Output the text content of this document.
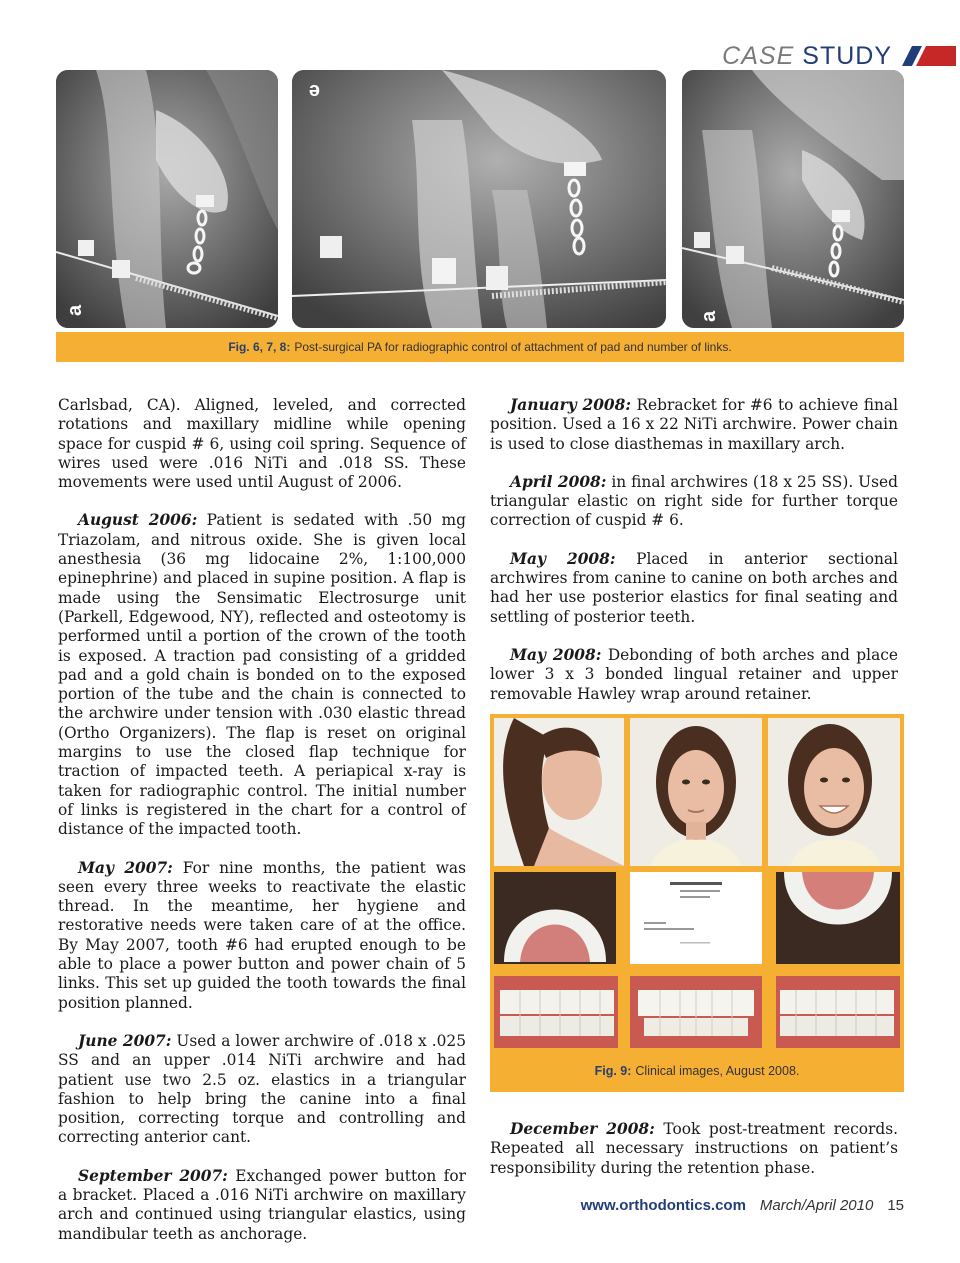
CASE STUDY
a
e
a
Fig. 6, 7, 8: Post-surgical PA for radiographic control of attachment of pad and number of links.

Carlsbad, CA). Aligned, leveled, and corrected rotations and maxillary midline while opening space for cuspid # 6, using coil spring. Sequence of wires used were .016 NiTi and .018 SS. These movements were used until August of 2006.

August 2006: Patient is sedated with .50 mg Triazolam, and nitrous oxide. She is given local anesthesia (36 mg lidocaine 2%, 1:100,000 epinephrine) and placed in supine position. A flap is made using the Sensimatic Electrosurge unit (Parkell, Edgewood, NY), reflected and osteotomy is performed until a portion of the crown of the tooth is exposed. A traction pad consisting of a gridded pad and a gold chain is bonded on to the exposed portion of the tube and the chain is connected to the archwire under tension with .030 elastic thread (Ortho Organizers). The flap is reset on original margins to use the closed flap technique for traction of impacted teeth. A periapical x-ray is taken for radiographic control. The initial number of links is registered in the chart for a control of distance of the impacted tooth.

May 2007: For nine months, the patient was seen every three weeks to reactivate the elastic thread. In the meantime, her hygiene and restorative needs were taken care of at the office. By May 2007, tooth #6 had erupted enough to be able to place a power button and power chain of 5 links. This set up guided the tooth towards the final position planned.

June 2007: Used a lower archwire of .018 x .025 SS and an upper .014 NiTi archwire and had patient use two 2.5 oz. elastics in a triangular fashion to help bring the canine into a final position, correcting torque and controlling and correcting anterior cant.

September 2007: Exchanged power button for a bracket. Placed a .016 NiTi archwire on maxillary arch and continued using triangular elastics, using mandibular teeth as anchorage.

January 2008: Rebracket for #6 to achieve final position. Used a 16 x 22 NiTi archwire. Power chain is used to close diasthemas in maxillary arch.

April 2008: in final archwires (18 x 25 SS). Used triangular elastic on right side for further torque correction of cuspid # 6.

May 2008: Placed in anterior sectional archwires from canine to canine on both arches and had her use posterior elastics for final seating and settling of posterior teeth.

May 2008: Debonding of both arches and place lower 3 x 3 bonded lingual retainer and upper removable Hawley wrap around retainer.

Fig. 9: Clinical images, August 2008.

December 2008: Took post-treatment records. Repeated all necessary instructions on patient’s responsibility during the retention phase.

www.orthodontics.com March/April 2010 15
